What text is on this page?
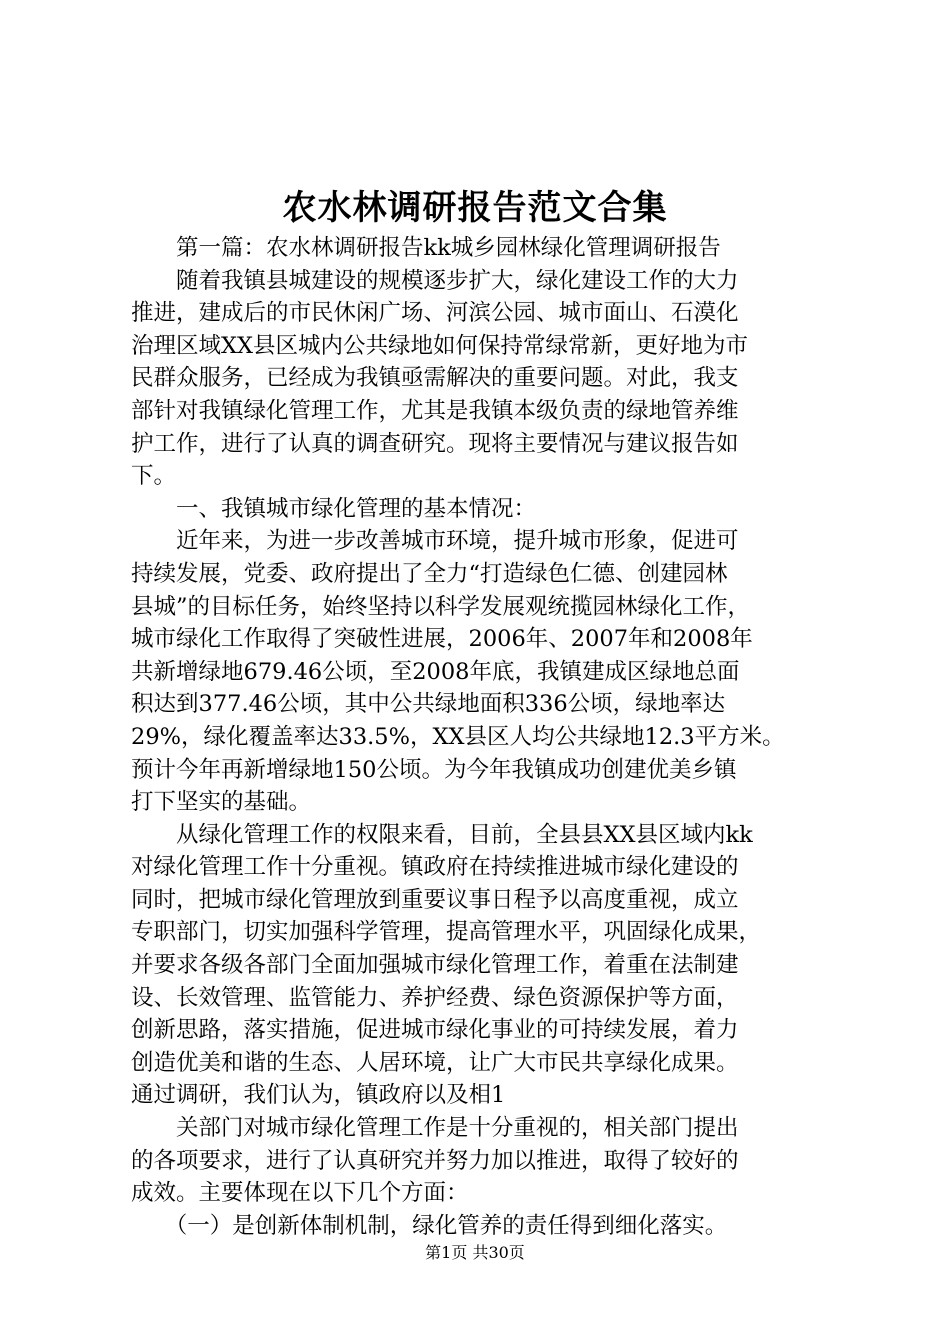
农水林调研报告范文合集
　　第一篇：农水林调研报告kk城乡园林绿化管理调研报告
　　随着我镇县城建设的规模逐步扩大，绿化建设工作的大力
推进，建成后的市民休闲广场、河滨公园、城市面山、石漠化
治理区域XX县区城内公共绿地如何保持常绿常新，更好地为市
民群众服务，已经成为我镇亟需解决的重要问题。对此，我支
部针对我镇绿化管理工作，尤其是我镇本级负责的绿地管养维
护工作，进行了认真的调查研究。现将主要情况与建议报告如
下。
　　一、我镇城市绿化管理的基本情况：
　　近年来，为进一步改善城市环境，提升城市形象，促进可
持续发展，党委、政府提出了全力“打造绿色仁德、创建园林
县城”的目标任务，始终坚持以科学发展观统揽园林绿化工作，
城市绿化工作取得了突破性进展，2006年、2007年和2008年
共新增绿地679.46公顷，至2008年底，我镇建成区绿地总面
积达到377.46公顷，其中公共绿地面积336公顷，绿地率达
29%，绿化覆盖率达33.5%，XX县区人均公共绿地12.3平方米。
预计今年再新增绿地150公顷。为今年我镇成功创建优美乡镇
打下坚实的基础。
　　从绿化管理工作的权限来看，目前，全县县XX县区域内kk
对绿化管理工作十分重视。镇政府在持续推进城市绿化建设的
同时，把城市绿化管理放到重要议事日程予以高度重视，成立
专职部门，切实加强科学管理，提高管理水平，巩固绿化成果，
并要求各级各部门全面加强城市绿化管理工作，着重在法制建
设、长效管理、监管能力、养护经费、绿色资源保护等方面，
创新思路，落实措施，促进城市绿化事业的可持续发展，着力
创造优美和谐的生态、人居环境，让广大市民共享绿化成果。
通过调研，我们认为，镇政府以及相1
　　关部门对城市绿化管理工作是十分重视的，相关部门提出
的各项要求，进行了认真研究并努力加以推进，取得了较好的
成效。主要体现在以下几个方面：
　　（一）是创新体制机制，绿化管养的责任得到细化落实。
第1页 共30页
